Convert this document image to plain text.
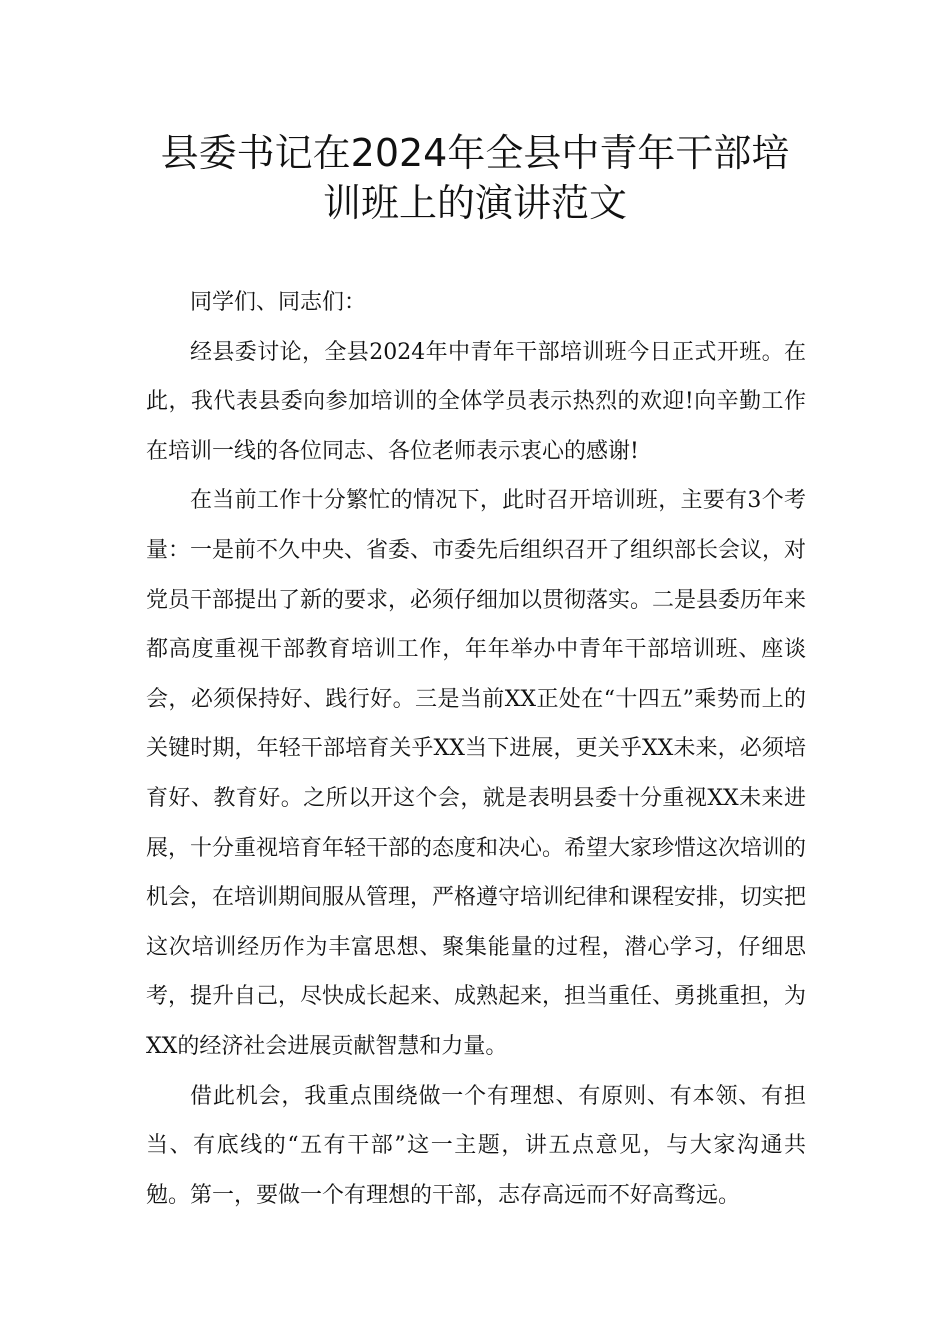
县委书记在2024年全县中青年干部培
训班上的演讲范文

同学们、同志们：

经县委讨论，全县2024年中青年干部培训班今日正式开班。在此，我代表县委向参加培训的全体学员表示热烈的欢迎!向辛勤工作在培训一线的各位同志、各位老师表示衷心的感谢!

在当前工作十分繁忙的情况下，此时召开培训班，主要有3个考量：一是前不久中央、省委、市委先后组织召开了组织部长会议，对党员干部提出了新的要求，必须仔细加以贯彻落实。二是县委历年来都高度重视干部教育培训工作，年年举办中青年干部培训班、座谈会，必须保持好、践行好。三是当前XX正处在“十四五”乘势而上的关键时期，年轻干部培育关乎XX当下进展，更关乎XX未来，必须培育好、教育好。之所以开这个会，就是表明县委十分重视XX未来进展，十分重视培育年轻干部的态度和决心。希望大家珍惜这次培训的机会，在培训期间服从管理，严格遵守培训纪律和课程安排，切实把这次培训经历作为丰富思想、聚集能量的过程，潜心学习，仔细思考，提升自己，尽快成长起来、成熟起来，担当重任、勇挑重担，为XX的经济社会进展贡献智慧和力量。

借此机会，我重点围绕做一个有理想、有原则、有本领、有担当、有底线的“五有干部”这一主题，讲五点意见，与大家沟通共勉。第一，要做一个有理想的干部，志存高远而不好高骛远。
